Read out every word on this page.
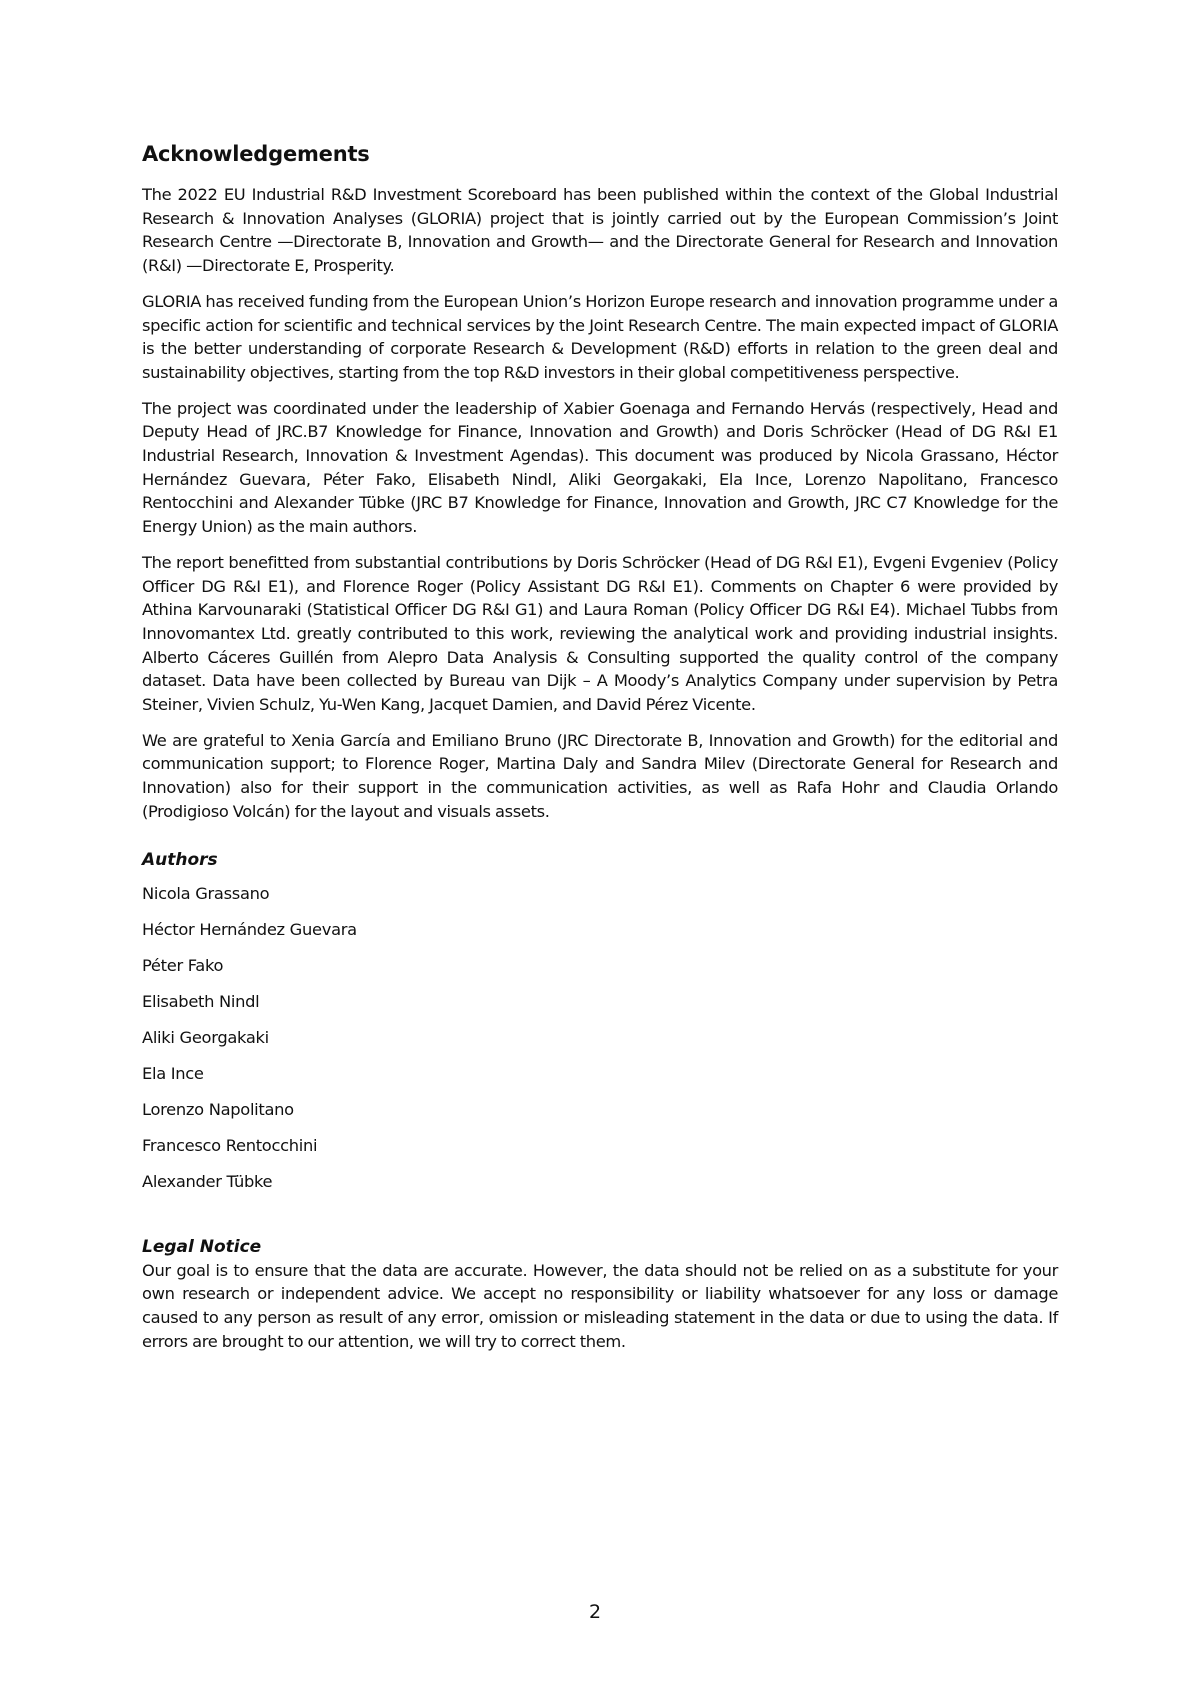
Acknowledgements

The 2022 EU Industrial R&D Investment Scoreboard has been published within the context of the Global Industrial Research & Innovation Analyses (GLORIA) project that is jointly carried out by the European Commission’s Joint Research Centre —Directorate B, Innovation and Growth— and the Directorate General for Research and Innovation (R&I) —Directorate E, Prosperity.

GLORIA has received funding from the European Union’s Horizon Europe research and innovation programme under a specific action for scientific and technical services by the Joint Research Centre. The main expected impact of GLORIA is the better understanding of corporate Research & Development (R&D) efforts in relation to the green deal and sustainability objectives, starting from the top R&D investors in their global competitiveness perspective.

The project was coordinated under the leadership of Xabier Goenaga and Fernando Hervás (respectively, Head and Deputy Head of JRC.B7 Knowledge for Finance, Innovation and Growth) and Doris Schröcker (Head of DG R&I E1 Industrial Research, Innovation & Investment Agendas). This document was produced by Nicola Grassano, Héctor Hernández Guevara, Péter Fako, Elisabeth Nindl, Aliki Georgakaki, Ela Ince, Lorenzo Napolitano, Francesco Rentocchini and Alexander Tübke (JRC B7 Knowledge for Finance, Innovation and Growth, JRC C7 Knowledge for the Energy Union) as the main authors.

The report benefitted from substantial contributions by Doris Schröcker (Head of DG R&I E1), Evgeni Evgeniev (Policy Officer DG R&I E1), and Florence Roger (Policy Assistant DG R&I E1). Comments on Chapter 6 were provided by Athina Karvounaraki (Statistical Officer DG R&I G1) and Laura Roman (Policy Officer DG R&I E4). Michael Tubbs from Innovomantex Ltd. greatly contributed to this work, reviewing the analytical work and providing industrial insights. Alberto Cáceres Guillén from Alepro Data Analysis & Consulting supported the quality control of the company dataset. Data have been collected by Bureau van Dijk – A Moody’s Analytics Company under supervision by Petra Steiner, Vivien Schulz, Yu-Wen Kang, Jacquet Damien, and David Pérez Vicente.

We are grateful to Xenia García and Emiliano Bruno (JRC Directorate B, Innovation and Growth) for the editorial and communication support; to Florence Roger, Martina Daly and Sandra Milev (Directorate General for Research and Innovation) also for their support in the communication activities, as well as Rafa Hohr and Claudia Orlando (Prodigioso Volcán) for the layout and visuals assets.

Authors
Nicola Grassano
Héctor Hernández Guevara
Péter Fako
Elisabeth Nindl
Aliki Georgakaki
Ela Ince
Lorenzo Napolitano
Francesco Rentocchini
Alexander Tübke
Legal Notice

Our goal is to ensure that the data are accurate. However, the data should not be relied on as a substitute for your own research or independent advice. We accept no responsibility or liability whatsoever for any loss or damage caused to any person as result of any error, omission or misleading statement in the data or due to using the data. If errors are brought to our attention, we will try to correct them.

2
